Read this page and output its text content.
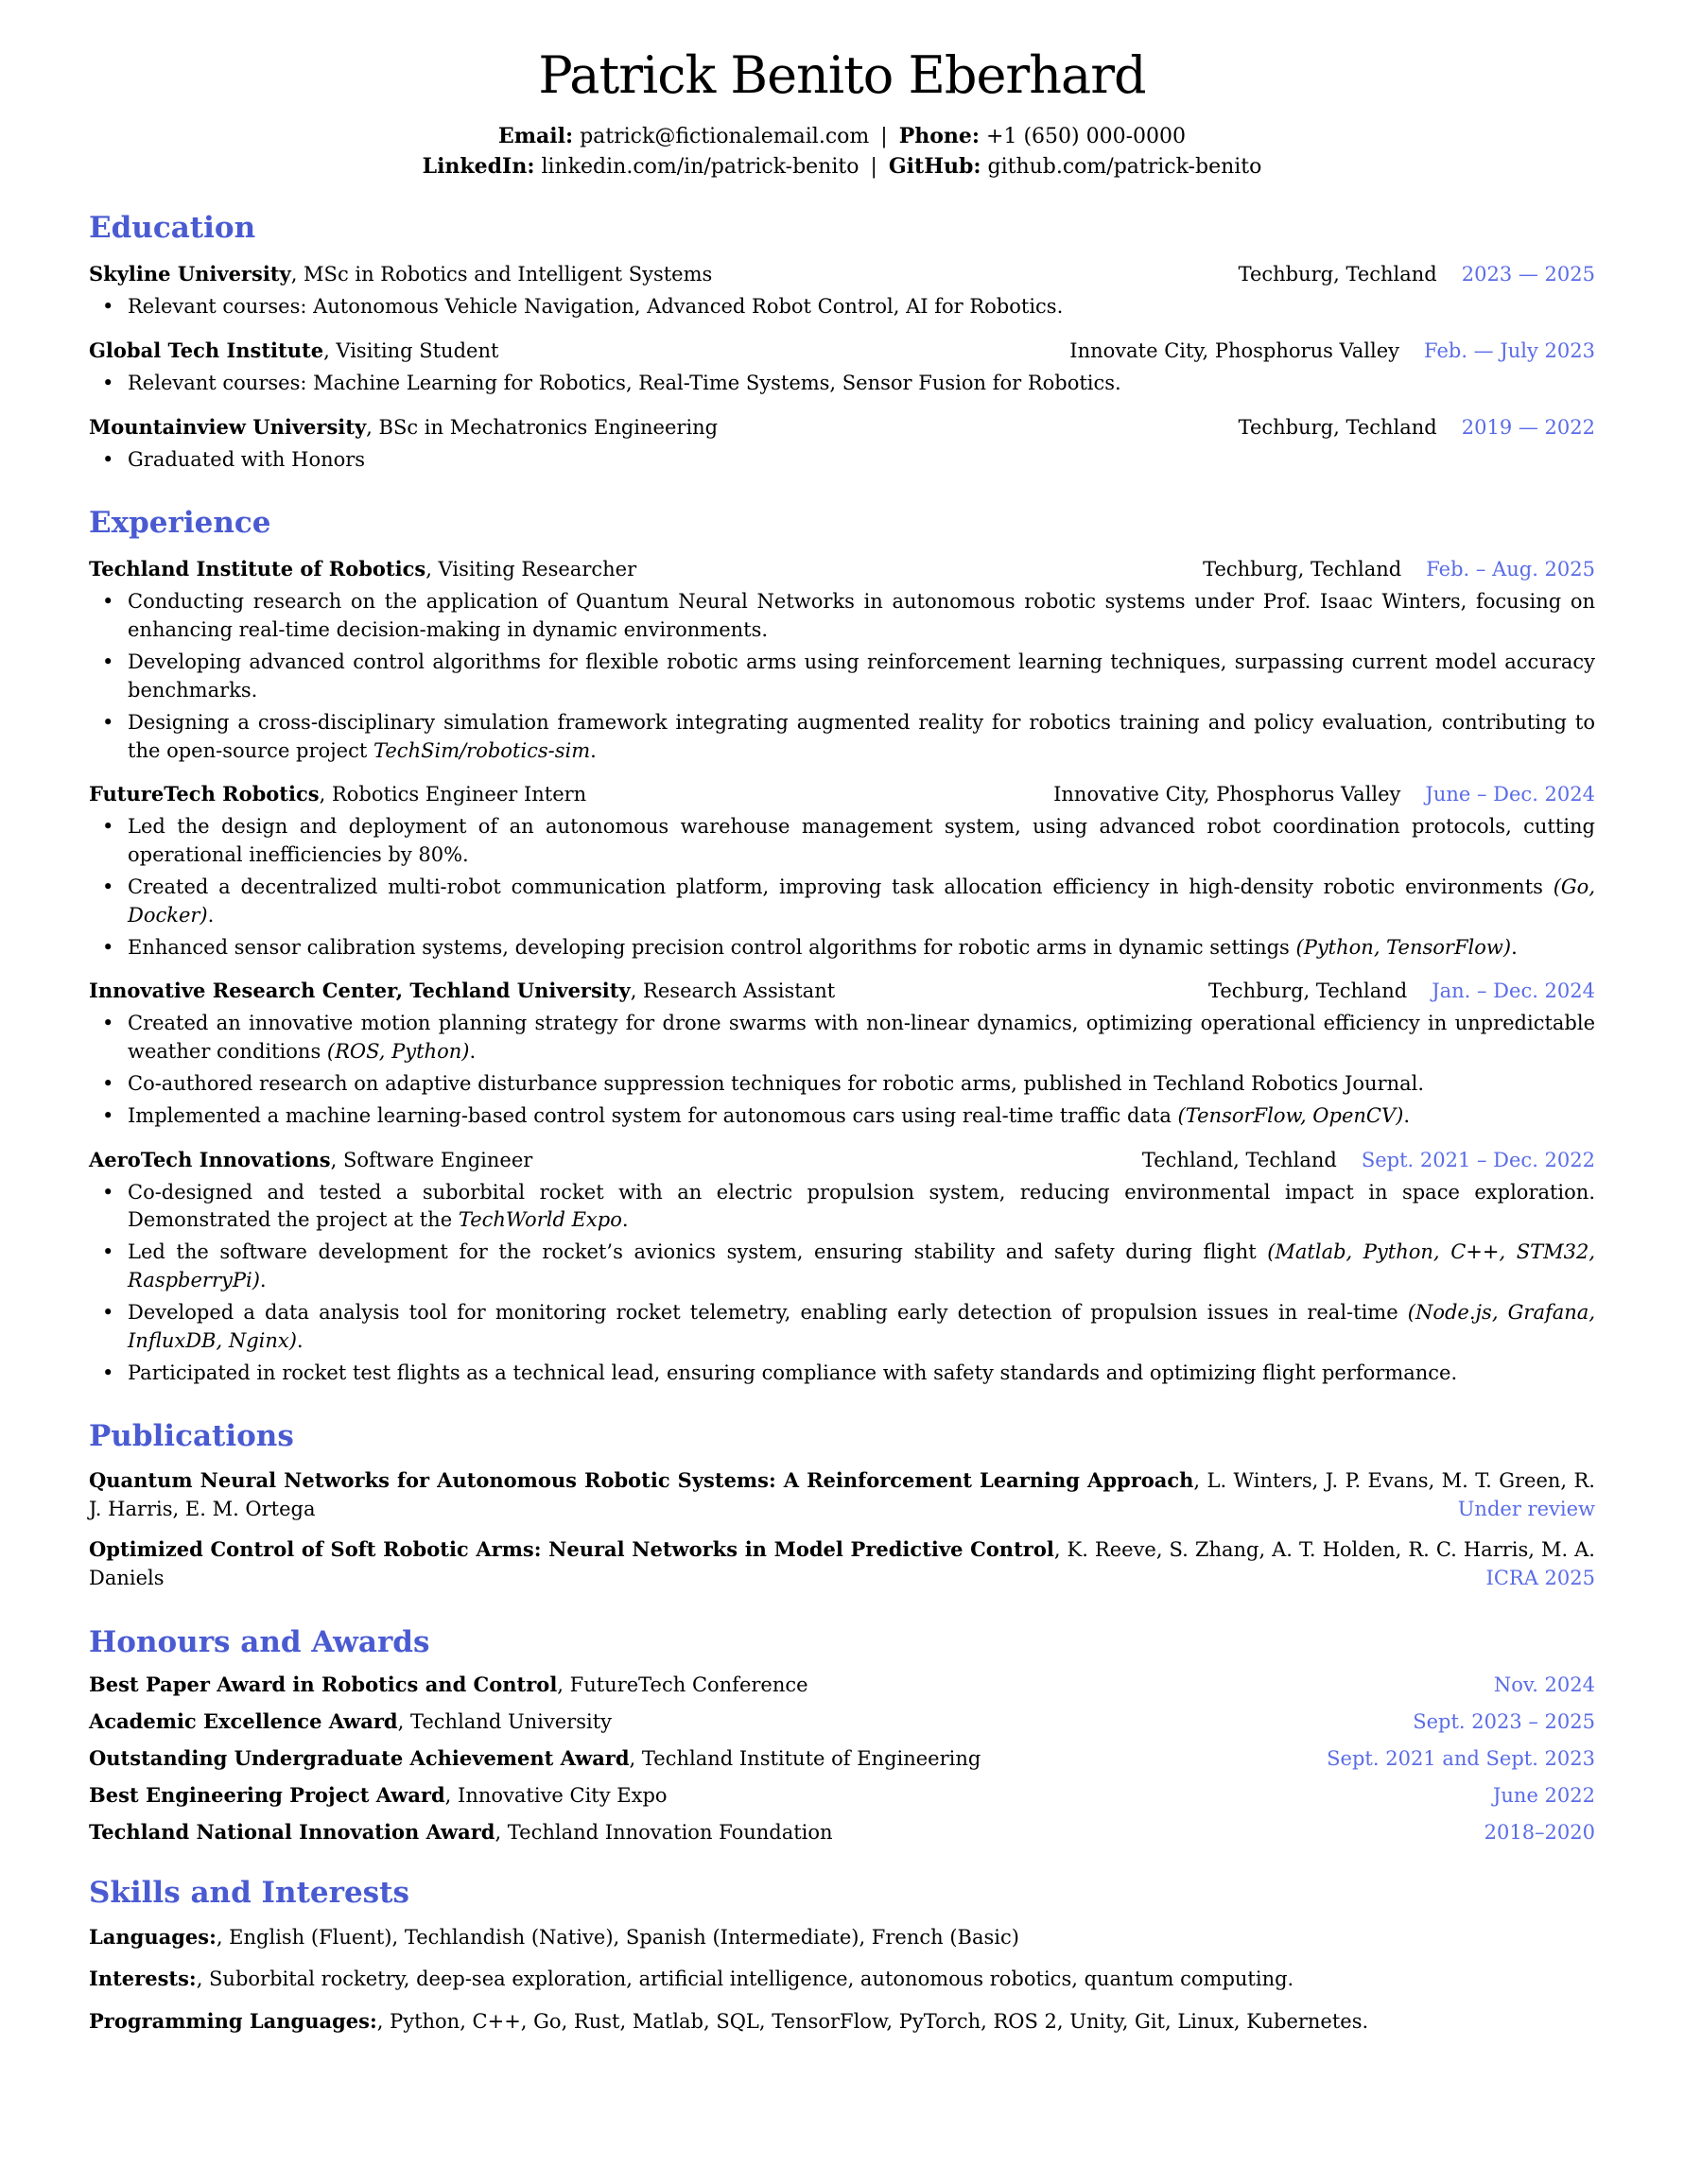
Patrick Benito Eberhard
Email: patrick@fictionalemail.com | Phone: +1 (650) 000-0000
LinkedIn: linkedin.com/in/patrick-benito | GitHub: github.com/patrick-benito
Education
Skyline University, MSc in Robotics and Intelligent Systems	Techburg, Techland 2023 — 2025
• Relevant courses: Autonomous Vehicle Navigation, Advanced Robot Control, AI for Robotics.
Global Tech Institute, Visiting Student	Innovate City, Phosphorus Valley Feb. — July 2023
• Relevant courses: Machine Learning for Robotics, Real-Time Systems, Sensor Fusion for Robotics.
Mountainview University, BSc in Mechatronics Engineering	Techburg, Techland 2019 — 2022
• Graduated with Honors
Experience
Techland Institute of Robotics, Visiting Researcher	Techburg, Techland Feb. – Aug. 2025
• Conducting research on the application of Quantum Neural Networks in autonomous robotic systems under Prof. Isaac Winters, focusing on enhancing real-time decision-making in dynamic environments.
• Developing advanced control algorithms for flexible robotic arms using reinforcement learning techniques, surpassing current model accuracy benchmarks.
• Designing a cross-disciplinary simulation framework integrating augmented reality for robotics training and policy evaluation, contributing to the open-source project TechSim/robotics-sim.
FutureTech Robotics, Robotics Engineer Intern	Innovative City, Phosphorus Valley June – Dec. 2024
• Led the design and deployment of an autonomous warehouse management system, using advanced robot coordination protocols, cutting operational inefficiencies by 80%.
• Created a decentralized multi-robot communication platform, improving task allocation efficiency in high-density robotic environments (Go, Docker).
• Enhanced sensor calibration systems, developing precision control algorithms for robotic arms in dynamic settings (Python, TensorFlow).
Innovative Research Center, Techland University, Research Assistant	Techburg, Techland Jan. – Dec. 2024
• Created an innovative motion planning strategy for drone swarms with non-linear dynamics, optimizing operational efficiency in unpredictable weather conditions (ROS, Python).
• Co-authored research on adaptive disturbance suppression techniques for robotic arms, published in Techland Robotics Journal.
• Implemented a machine learning-based control system for autonomous cars using real-time traffic data (TensorFlow, OpenCV).
AeroTech Innovations, Software Engineer	Techland, Techland Sept. 2021 – Dec. 2022
• Co-designed and tested a suborbital rocket with an electric propulsion system, reducing environmental impact in space exploration. Demonstrated the project at the TechWorld Expo.
• Led the software development for the rocket’s avionics system, ensuring stability and safety during flight (Matlab, Python, C++, STM32, RaspberryPi).
• Developed a data analysis tool for monitoring rocket telemetry, enabling early detection of propulsion issues in real-time (Node.js, Grafana, InfluxDB, Nginx).
• Participated in rocket test flights as a technical lead, ensuring compliance with safety standards and optimizing flight performance.
Publications

Quantum Neural Networks for Autonomous Robotic Systems: A Reinforcement Learning Approach, L. Winters, J. P. Evans, M. T. Green, R. J. Harris, E. M. Ortega	Under review

Optimized Control of Soft Robotic Arms: Neural Networks in Model Predictive Control, K. Reeve, S. Zhang, A. T. Holden, R. C. Harris, M. A. Daniels	ICRA 2025

Honours and Awards
Best Paper Award in Robotics and Control, FutureTech Conference	Nov. 2024
Academic Excellence Award, Techland University	Sept. 2023 – 2025
Outstanding Undergraduate Achievement Award, Techland Institute of Engineering	Sept. 2021 and Sept. 2023
Best Engineering Project Award, Innovative City Expo	June 2022
Techland National Innovation Award, Techland Innovation Foundation	2018–2020
Skills and Interests

Languages:, English (Fluent), Techlandish (Native), Spanish (Intermediate), French (Basic)

Interests:, Suborbital rocketry, deep-sea exploration, artificial intelligence, autonomous robotics, quantum computing.

Programming Languages:, Python, C++, Go, Rust, Matlab, SQL, TensorFlow, PyTorch, ROS 2, Unity, Git, Linux, Kubernetes.
